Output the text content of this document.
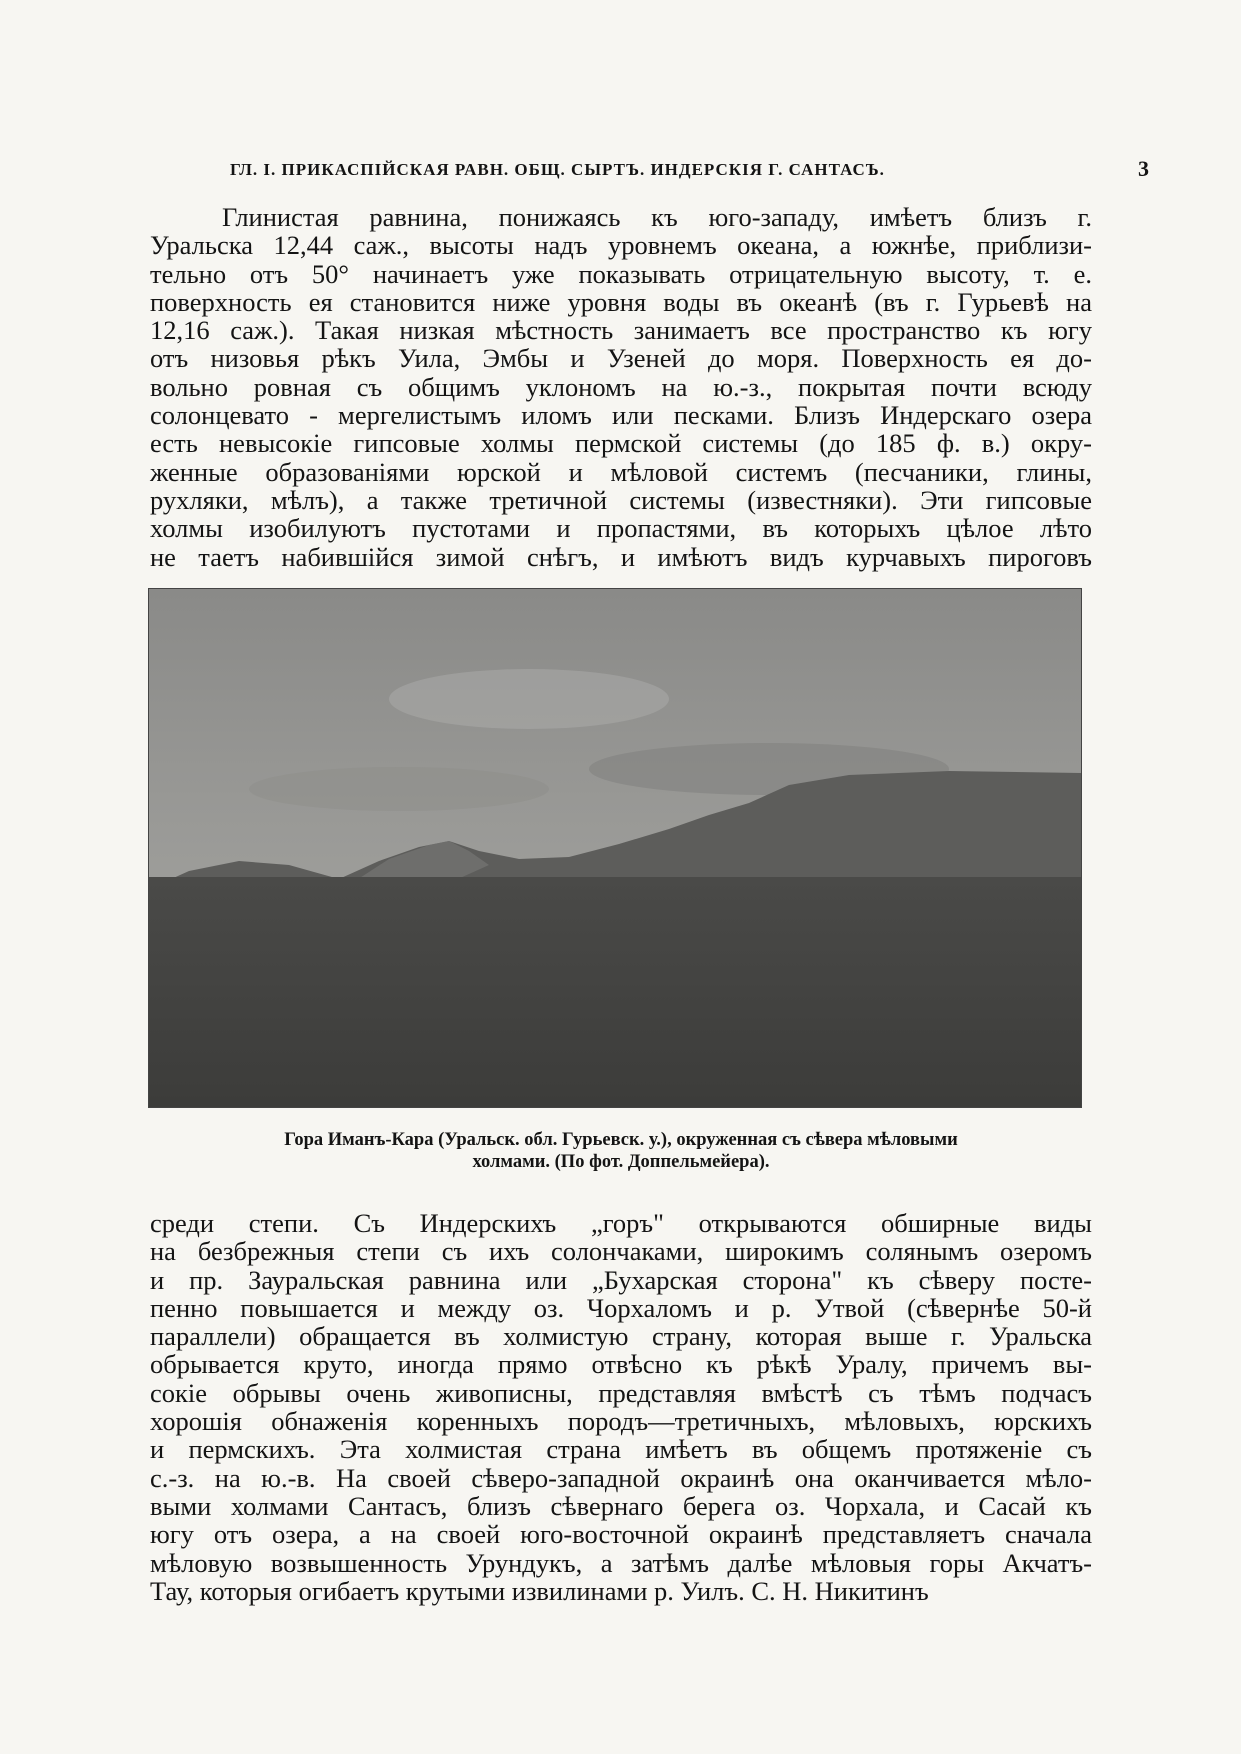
ГЛ. I. ПРИКАСПІЙСКАЯ РАВН. ОБЩ. СЫРТЪ. ИНДЕРСКІЯ Г. САНТАСЪ.	3
Глинистая равнина, понижаясь къ юго-западу, имѣетъ близъ г.
Уральска 12,44 саж., высоты надъ уровнемъ океана, а южнѣе, приблизи-
тельно отъ 50° начинаетъ уже показывать отрицательную высоту, т. е.
поверхность ея становится ниже уровня воды въ океанѣ (въ г. Гурьевѣ на
12,16 саж.). Такая низкая мѣстность занимаетъ все пространство къ югу
отъ низовья рѣкъ Уила, Эмбы и Узеней до моря. Поверхность ея до-
вольно ровная съ общимъ уклономъ на ю.-з., покрытая почти всюду
солонцевато - мергелистымъ иломъ или песками. Близъ Индерскаго озера
есть невысокіе гипсовые холмы пермской системы (до 185 ф. в.) окру-
женные образованіями юрской и мѣловой системъ (песчаники, глины,
рухляки, мѣлъ), а также третичной системы (известняки). Эти гипсовые
холмы изобилуютъ пустотами и пропастями, въ которыхъ цѣлое лѣто
не таетъ набившійся зимой снѣгъ, и имѣютъ видъ курчавыхъ пироговъ
Гора Иманъ-Кара (Уральск. обл. Гурьевск. у.), окруженная съ сѣвера мѣловыми
холмами. (По фот. Доппельмейера).
среди степи. Съ Индерскихъ „горъ" открываются обширные виды
на безбрежныя степи съ ихъ солончаками, широкимъ солянымъ озеромъ
и пр. Зауральская равнина или „Бухарская сторона" къ сѣверу посте-
пенно повышается и между оз. Чорхаломъ и р. Утвой (сѣвернѣе 50-й
параллели) обращается въ холмистую страну, которая выше г. Уральска
обрывается круто, иногда прямо отвѣсно къ рѣкѣ Уралу, причемъ вы-
сокіе обрывы очень живописны, представляя вмѣстѣ съ тѣмъ подчасъ
хорошія обнаженія коренныхъ породъ—третичныхъ, мѣловыхъ, юрскихъ
и пермскихъ. Эта холмистая страна имѣетъ въ общемъ протяженіе съ
с.-з. на ю.-в. На своей сѣверо-западной окраинѣ она оканчивается мѣло-
выми холмами Сантасъ, близъ сѣвернаго берега оз. Чорхала, и Сасай къ
югу отъ озера, а на своей юго-восточной окраинѣ представляетъ сначала
мѣловую возвышенность Урундукъ, а затѣмъ далѣе мѣловыя горы Акчатъ-
Тау, которыя огибаетъ крутыми извилинами р. Уилъ. С. Н. Никитинъ
